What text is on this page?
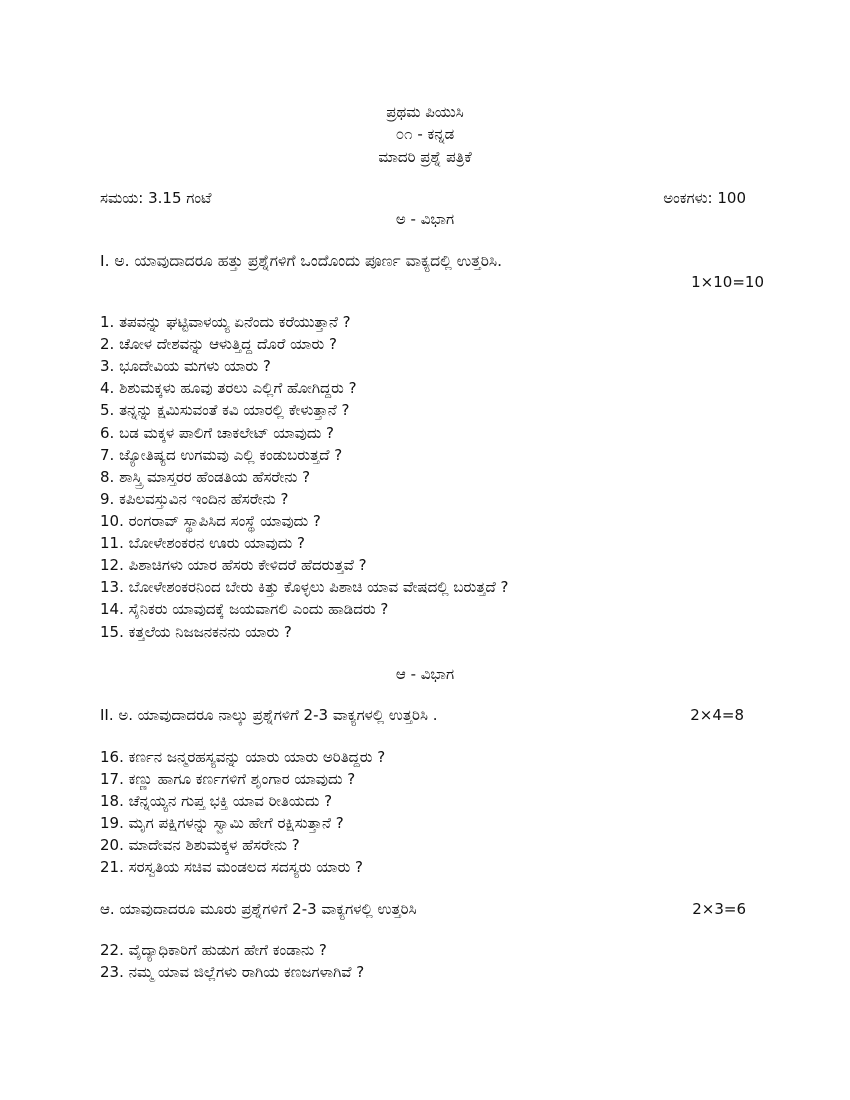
ಪ್ರಥಮ ಪಿಯುಸಿ
೦೧ - ಕನ್ನಡ
ಮಾದರಿ ಪ್ರಶ್ನೆ ಪತ್ರಿಕೆ
ಸಮಯ: 3.15 ಗಂಟೆ	ಅಂಕಗಳು: 100
ಅ - ವಿಭಾಗ
I. ಅ. ಯಾವುದಾದರೂ ಹತ್ತು ಪ್ರಶ್ನೆಗಳಿಗೆ ಒಂದೊಂದು ಪೂರ್ಣ ವಾಕ್ಯದಲ್ಲಿ ಉತ್ತರಿಸಿ.
1×10=10
1. ತಪವನ್ನು ಘಟ್ಟಿವಾಳಯ್ಯ ಏನೆಂದು ಕರೆಯುತ್ತಾನೆ ?
2. ಚೋಳ ದೇಶವನ್ನು ಆಳುತ್ತಿದ್ದ ದೊರೆ ಯಾರು ?
3. ಭೂದೇವಿಯ ಮಗಳು ಯಾರು ?
4. ಶಿಶುಮಕ್ಕಳು ಹೂವು ತರಲು ಎಲ್ಲಿಗೆ ಹೋಗಿದ್ದರು ?
5. ತನ್ನನ್ನು ಕ್ಷಮಿಸುವಂತೆ ಕವಿ ಯಾರಲ್ಲಿ ಕೇಳುತ್ತಾನೆ ?
6. ಬಡ ಮಕ್ಕಳ ಪಾಲಿಗೆ ಚಾಕಲೇಟ್ ಯಾವುದು ?
7. ಜ್ಯೋತಿಷ್ಯದ ಉಗಮವು ಎಲ್ಲಿ ಕಂಡುಬರುತ್ತದೆ ?
8. ಶಾಸ್ತ್ರಿ ಮಾಸ್ತರರ ಹೆಂಡತಿಯ ಹೆಸರೇನು ?
9. ಕಪಿಲವಸ್ತುವಿನ ಇಂದಿನ ಹೆಸರೇನು ?
10. ರಂಗರಾವ್ ಸ್ಥಾಪಿಸಿದ ಸಂಸ್ಥೆ ಯಾವುದು ?
11. ಬೋಳೇಶಂಕರನ ಊರು ಯಾವುದು ?
12. ಪಿಶಾಚಿಗಳು ಯಾರ ಹೆಸರು ಕೇಳಿದರೆ ಹೆದರುತ್ತವೆ ?
13. ಬೋಳೇಶಂಕರನಿಂದ ಬೇರು ಕಿತ್ತು ಕೊಳ್ಳಲು ಪಿಶಾಚಿ ಯಾವ ವೇಷದಲ್ಲಿ ಬರುತ್ತದೆ ?
14. ಸೈನಿಕರು ಯಾವುದಕ್ಕೆ ಜಯವಾಗಲಿ ಎಂದು ಹಾಡಿದರು ?
15. ಕತ್ತಲೆಯ ನಿಜಜನಕನನು ಯಾರು ?
ಆ - ವಿಭಾಗ
II. ಅ. ಯಾವುದಾದರೂ ನಾಲ್ಕು ಪ್ರಶ್ನೆಗಳಿಗೆ 2-3 ವಾಕ್ಯಗಳಲ್ಲಿ ಉತ್ತರಿಸಿ .	2×4=8
16. ಕರ್ಣನ ಜನ್ಮರಹಸ್ಯವನ್ನು ಯಾರು ಯಾರು ಅರಿತಿದ್ದರು ?
17. ಕಣ್ಣು ಹಾಗೂ ಕರ್ಣಗಳಿಗೆ ಶೃಂಗಾರ ಯಾವುದು ?
18. ಚೆನ್ನಯ್ಯನ ಗುಪ್ತ ಭಕ್ತಿ ಯಾವ ರೀತಿಯದು ?
19. ಮೃಗ ಪಕ್ಷಿಗಳನ್ನು ಸ್ವಾಮಿ ಹೇಗೆ ರಕ್ಷಿಸುತ್ತಾನೆ ?
20. ಮಾದೇವನ ಶಿಶುಮಕ್ಕಳ ಹೆಸರೇನು ?
21. ಸರಸ್ವತಿಯ ಸಚಿವ ಮಂಡಲದ ಸದಸ್ಯರು ಯಾರು ?
ಆ. ಯಾವುದಾದರೂ ಮೂರು ಪ್ರಶ್ನೆಗಳಿಗೆ 2-3 ವಾಕ್ಯಗಳಲ್ಲಿ ಉತ್ತರಿಸಿ	2×3=6
22. ವೈದ್ಯಾಧಿಕಾರಿಗೆ ಹುಡುಗ ಹೇಗೆ ಕಂಡಾನು ?
23. ನಮ್ಮ ಯಾವ ಜಿಲ್ಲೆಗಳು ರಾಗಿಯ ಕಣಜಗಳಾಗಿವೆ ?
